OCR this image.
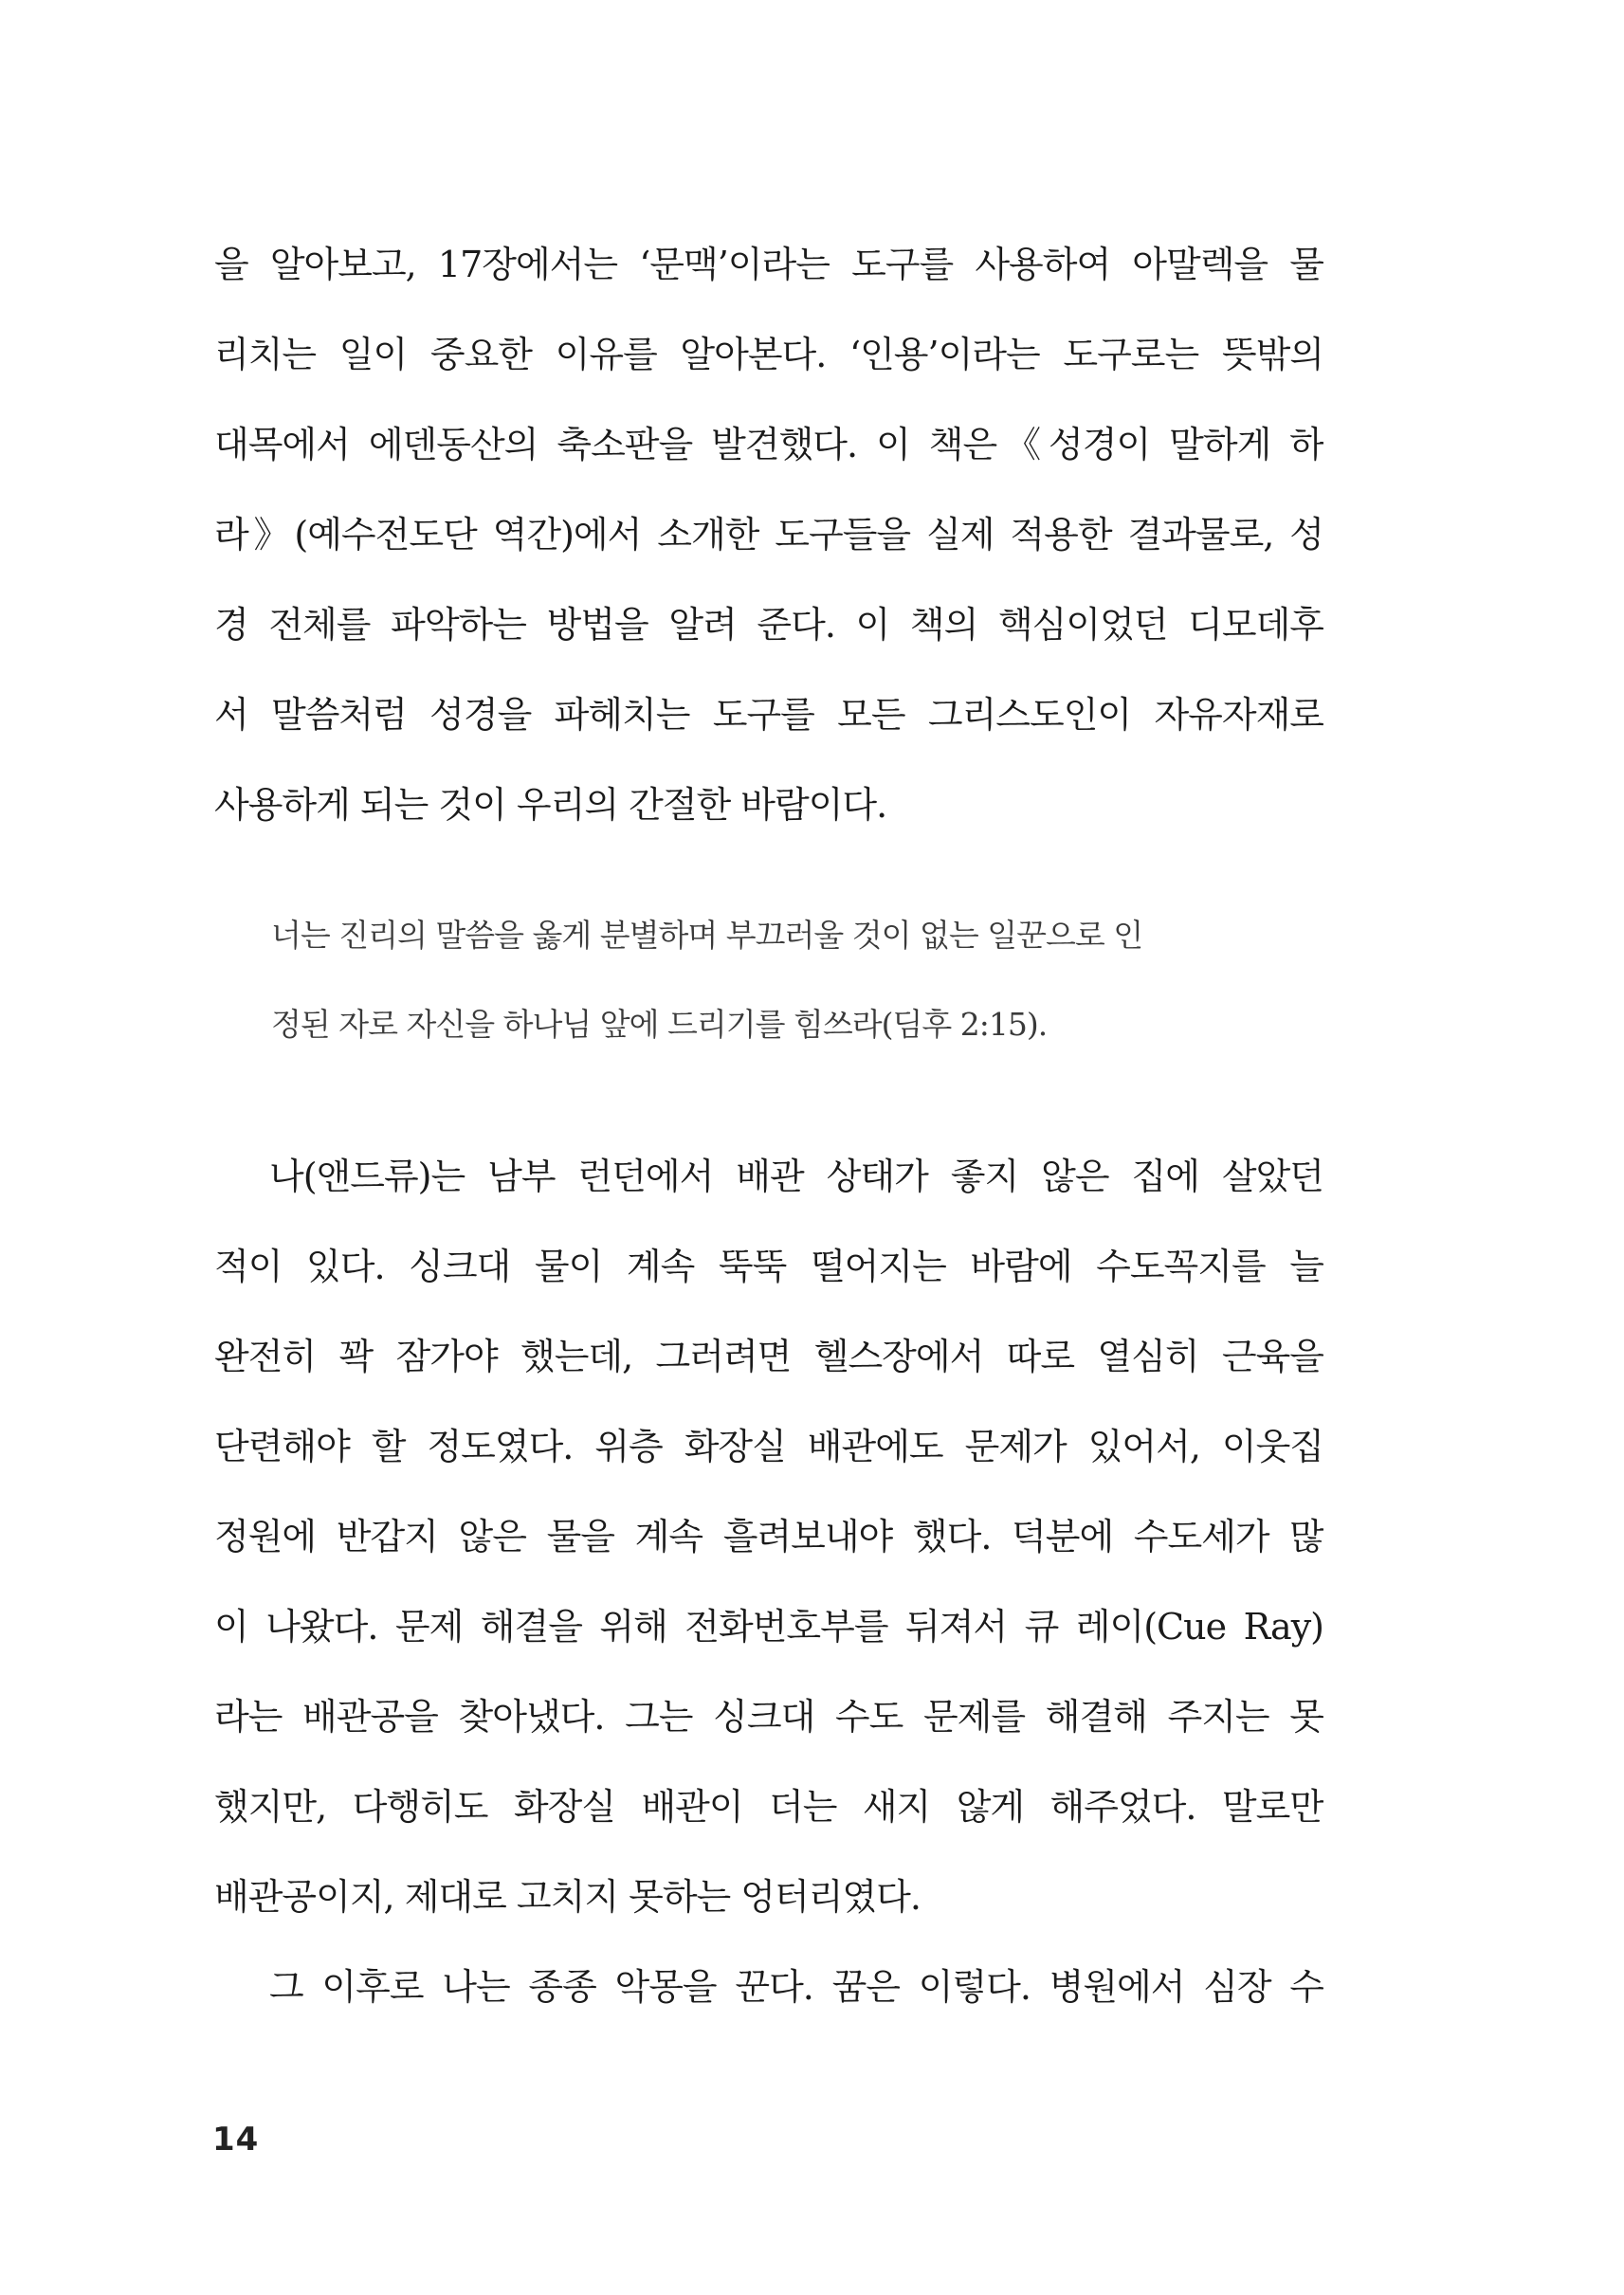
을 알아보고, 17장에서는 ‘문맥’이라는 도구를 사용하여 아말렉을 물
리치는 일이 중요한 이유를 알아본다. ‘인용’이라는 도구로는 뜻밖의
대목에서 에덴동산의 축소판을 발견했다. 이 책은《성경이 말하게 하
라》(예수전도단 역간)에서 소개한 도구들을 실제 적용한 결과물로, 성
경 전체를 파악하는 방법을 알려 준다. 이 책의 핵심이었던 디모데후
서 말씀처럼 성경을 파헤치는 도구를 모든 그리스도인이 자유자재로
사용하게 되는 것이 우리의 간절한 바람이다.
너는 진리의 말씀을 옳게 분별하며 부끄러울 것이 없는 일꾼으로 인
정된 자로 자신을 하나님 앞에 드리기를 힘쓰라(딤후 2:15).
나(앤드류)는 남부 런던에서 배관 상태가 좋지 않은 집에 살았던
적이 있다. 싱크대 물이 계속 뚝뚝 떨어지는 바람에 수도꼭지를 늘
완전히 꽉 잠가야 했는데, 그러려면 헬스장에서 따로 열심히 근육을
단련해야 할 정도였다. 위층 화장실 배관에도 문제가 있어서, 이웃집
정원에 반갑지 않은 물을 계속 흘려보내야 했다. 덕분에 수도세가 많
이 나왔다. 문제 해결을 위해 전화번호부를 뒤져서 큐 레이(Cue Ray)
라는 배관공을 찾아냈다. 그는 싱크대 수도 문제를 해결해 주지는 못
했지만, 다행히도 화장실 배관이 더는 새지 않게 해주었다. 말로만
배관공이지, 제대로 고치지 못하는 엉터리였다.
그 이후로 나는 종종 악몽을 꾼다. 꿈은 이렇다. 병원에서 심장 수
14
